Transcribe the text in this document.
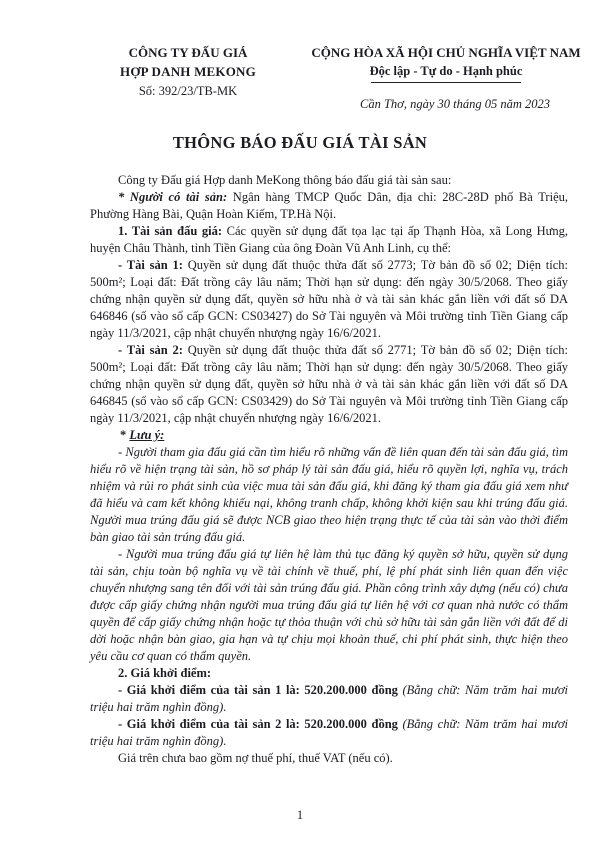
CÔNG TY ĐẤU GIÁ
HỢP DANH MEKONG
Số: 392/23/TB-MK
CỘNG HÒA XÃ HỘI CHỦ NGHĨA VIỆT NAM
Độc lập - Tự do - Hạnh phúc
Cần Thơ, ngày 30 tháng 05 năm 2023
THÔNG BÁO ĐẤU GIÁ TÀI SẢN

Công ty Đấu giá Hợp danh MeKong thông báo đấu giá tài sản sau:

* Người có tài sản: Ngân hàng TMCP Quốc Dân, địa chỉ: 28C-28D phố Bà Triệu, Phường Hàng Bài, Quận Hoàn Kiếm, TP.Hà Nội.

1. Tài sản đấu giá: Các quyền sử dụng đất tọa lạc tại ấp Thạnh Hòa, xã Long Hưng, huyện Châu Thành, tỉnh Tiền Giang của ông Đoàn Vũ Anh Linh, cụ thể:

- Tài sản 1: Quyền sử dụng đất thuộc thửa đất số 2773; Tờ bản đồ số 02; Diện tích: 500m²; Loại đất: Đất trồng cây lâu năm; Thời hạn sử dụng: đến ngày 30/5/2068. Theo giấy chứng nhận quyền sử dụng đất, quyền sở hữu nhà ở và tài sản khác gắn liền với đất số DA 646846 (số vào sổ cấp GCN: CS03427) do Sở Tài nguyên và Môi trường tỉnh Tiền Giang cấp ngày 11/3/2021, cập nhật chuyển nhượng ngày 16/6/2021.

- Tài sản 2: Quyền sử dụng đất thuộc thửa đất số 2771; Tờ bản đồ số 02; Diện tích: 500m²; Loại đất: Đất trồng cây lâu năm; Thời hạn sử dụng: đến ngày 30/5/2068. Theo giấy chứng nhận quyền sử dụng đất, quyền sở hữu nhà ở và tài sản khác gắn liền với đất số DA 646845 (số vào sổ cấp GCN: CS03429) do Sở Tài nguyên và Môi trường tỉnh Tiền Giang cấp ngày 11/3/2021, cập nhật chuyển nhượng ngày 16/6/2021.

* Lưu ý:

- Người tham gia đấu giá cần tìm hiểu rõ những vấn đề liên quan đến tài sản đấu giá, tìm hiểu rõ về hiện trạng tài sản, hồ sơ pháp lý tài sản đấu giá, hiểu rõ quyền lợi, nghĩa vụ, trách nhiệm và rủi ro phát sinh của việc mua tài sản đấu giá, khi đăng ký tham gia đấu giá xem như đã hiểu và cam kết không khiếu nại, không tranh chấp, không khởi kiện sau khi trúng đấu giá. Người mua trúng đấu giá sẽ được NCB giao theo hiện trạng thực tế của tài sản vào thời điểm bàn giao tài sản trúng đấu giá.

- Người mua trúng đấu giá tự liên hệ làm thủ tục đăng ký quyền sở hữu, quyền sử dụng tài sản, chịu toàn bộ nghĩa vụ về tài chính về thuế, phí, lệ phí phát sinh liên quan đến việc chuyển nhượng sang tên đối với tài sản trúng đấu giá. Phần công trình xây dựng (nếu có) chưa được cấp giấy chứng nhận người mua trúng đấu giá tự liên hệ với cơ quan nhà nước có thẩm quyền để cấp giấy chứng nhận hoặc tự thỏa thuận với chủ sở hữu tài sản gắn liền với đất để di dời hoặc nhận bàn giao, gia hạn và tự chịu mọi khoản thuế, chi phí phát sinh, thực hiện theo yêu cầu cơ quan có thẩm quyền.

2. Giá khởi điểm:

- Giá khởi điểm của tài sản 1 là: 520.200.000 đồng (Bằng chữ: Năm trăm hai mươi triệu hai trăm nghìn đồng).

- Giá khởi điểm của tài sản 2 là: 520.200.000 đồng (Bằng chữ: Năm trăm hai mươi triệu hai trăm nghìn đồng).

Giá trên chưa bao gồm nợ thuế phí, thuế VAT (nếu có).

1
